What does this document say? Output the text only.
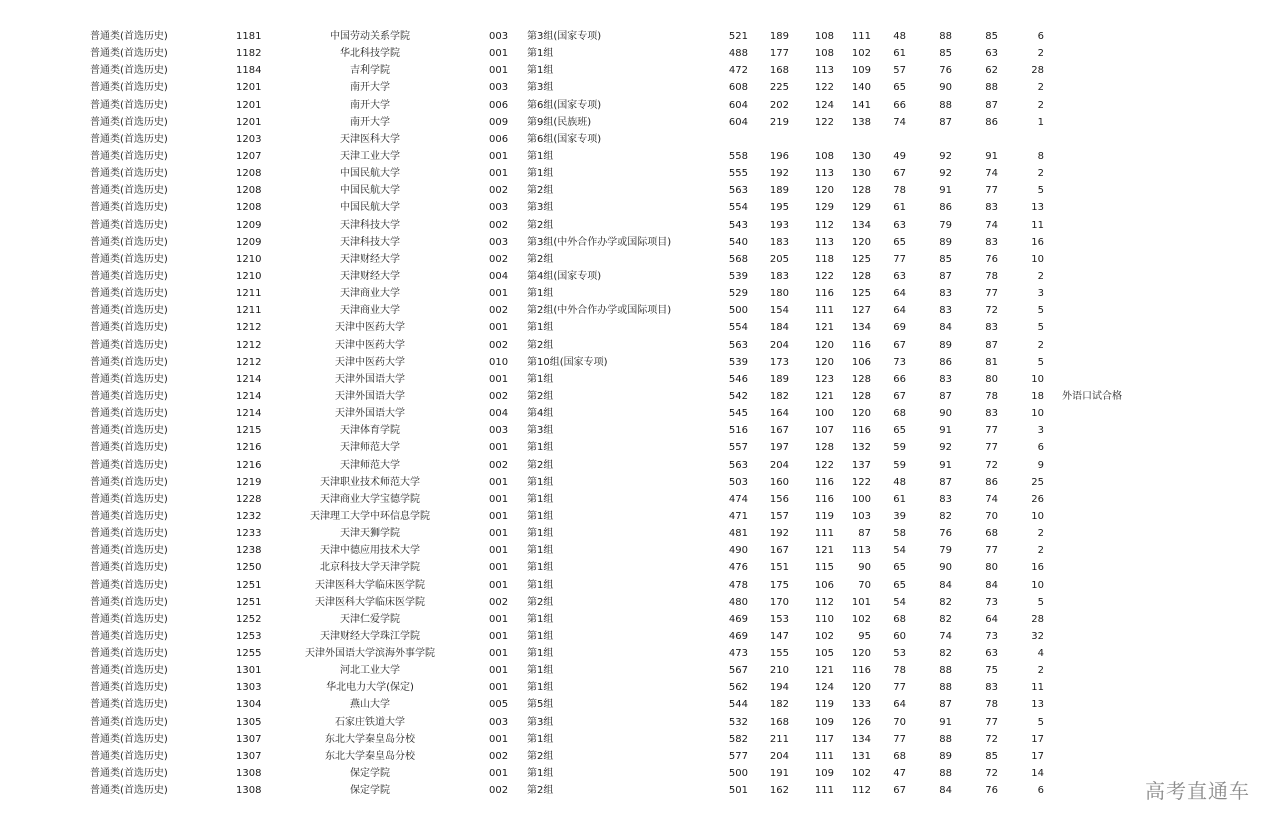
普通类(首选历史)	1181	中国劳动关系学院	003 第3组(国家专项)	521	189	108	111	48	88	85	6
普通类(首选历史)	1182	华北科技学院	001 第1组	488	177	108	102	61	85	63	2
普通类(首选历史)	1184	吉利学院	001 第1组	472	168	113	109	57	76	62	28
普通类(首选历史)	1201	南开大学	003 第3组	608	225	122	140	65	90	88	2
普通类(首选历史)	1201	南开大学	006 第6组(国家专项)	604	202	124	141	66	88	87	2
普通类(首选历史)	1201	南开大学	009 第9组(民族班)	604	219	122	138	74	87	86	1
普通类(首选历史)	1203	天津医科大学	006 第6组(国家专项)
普通类(首选历史)	1207	天津工业大学	001 第1组	558	196	108	130	49	92	91	8
普通类(首选历史)	1208	中国民航大学	001 第1组	555	192	113	130	67	92	74	2
普通类(首选历史)	1208	中国民航大学	002 第2组	563	189	120	128	78	91	77	5
普通类(首选历史)	1208	中国民航大学	003 第3组	554	195	129	129	61	86	83	13
普通类(首选历史)	1209	天津科技大学	002 第2组	543	193	112	134	63	79	74	11
普通类(首选历史)	1209	天津科技大学	003 第3组(中外合作办学或国际项目)	540	183	113	120	65	89	83	16
普通类(首选历史)	1210	天津财经大学	002 第2组	568	205	118	125	77	85	76	10
普通类(首选历史)	1210	天津财经大学	004 第4组(国家专项)	539	183	122	128	63	87	78	2
普通类(首选历史)	1211	天津商业大学	001 第1组	529	180	116	125	64	83	77	3
普通类(首选历史)	1211	天津商业大学	002 第2组(中外合作办学或国际项目)	500	154	111	127	64	83	72	5
普通类(首选历史)	1212	天津中医药大学	001 第1组	554	184	121	134	69	84	83	5
普通类(首选历史)	1212	天津中医药大学	002 第2组	563	204	120	116	67	89	87	2
普通类(首选历史)	1212	天津中医药大学	010 第10组(国家专项)	539	173	120	106	73	86	81	5
普通类(首选历史)	1214	天津外国语大学	001 第1组	546	189	123	128	66	83	80	10
普通类(首选历史)	1214	天津外国语大学	002 第2组	542	182	121	128	67	87	78	18 外语口试合格
普通类(首选历史)	1214	天津外国语大学	004 第4组	545	164	100	120	68	90	83	10
普通类(首选历史)	1215	天津体育学院	003 第3组	516	167	107	116	65	91	77	3
普通类(首选历史)	1216	天津师范大学	001 第1组	557	197	128	132	59	92	77	6
普通类(首选历史)	1216	天津师范大学	002 第2组	563	204	122	137	59	91	72	9
普通类(首选历史)	1219	天津职业技术师范大学	001 第1组	503	160	116	122	48	87	86	25
普通类(首选历史)	1228	天津商业大学宝德学院	001 第1组	474	156	116	100	61	83	74	26
普通类(首选历史)	1232	天津理工大学中环信息学院	001 第1组	471	157	119	103	39	82	70	10
普通类(首选历史)	1233	天津天狮学院	001 第1组	481	192	111	87	58	76	68	2
普通类(首选历史)	1238	天津中德应用技术大学	001 第1组	490	167	121	113	54	79	77	2
普通类(首选历史)	1250	北京科技大学天津学院	001 第1组	476	151	115	90	65	90	80	16
普通类(首选历史)	1251	天津医科大学临床医学院	001 第1组	478	175	106	70	65	84	84	10
普通类(首选历史)	1251	天津医科大学临床医学院	002 第2组	480	170	112	101	54	82	73	5
普通类(首选历史)	1252	天津仁爱学院	001 第1组	469	153	110	102	68	82	64	28
普通类(首选历史)	1253	天津财经大学珠江学院	001 第1组	469	147	102	95	60	74	73	32
普通类(首选历史)	1255	天津外国语大学滨海外事学院	001 第1组	473	155	105	120	53	82	63	4
普通类(首选历史)	1301	河北工业大学	001 第1组	567	210	121	116	78	88	75	2
普通类(首选历史)	1303	华北电力大学(保定)	001 第1组	562	194	124	120	77	88	83	11
普通类(首选历史)	1304	燕山大学	005 第5组	544	182	119	133	64	87	78	13
普通类(首选历史)	1305	石家庄铁道大学	003 第3组	532	168	109	126	70	91	77	5
普通类(首选历史)	1307	东北大学秦皇岛分校	001 第1组	582	211	117	134	77	88	72	17
普通类(首选历史)	1307	东北大学秦皇岛分校	002 第2组	577	204	111	131	68	89	85	17
普通类(首选历史)	1308	保定学院	001 第1组	500	191	109	102	47	88	72	14
普通类(首选历史)	1308	保定学院	002 第2组	501	162	111	112	67	84	76	6	高考直通车
